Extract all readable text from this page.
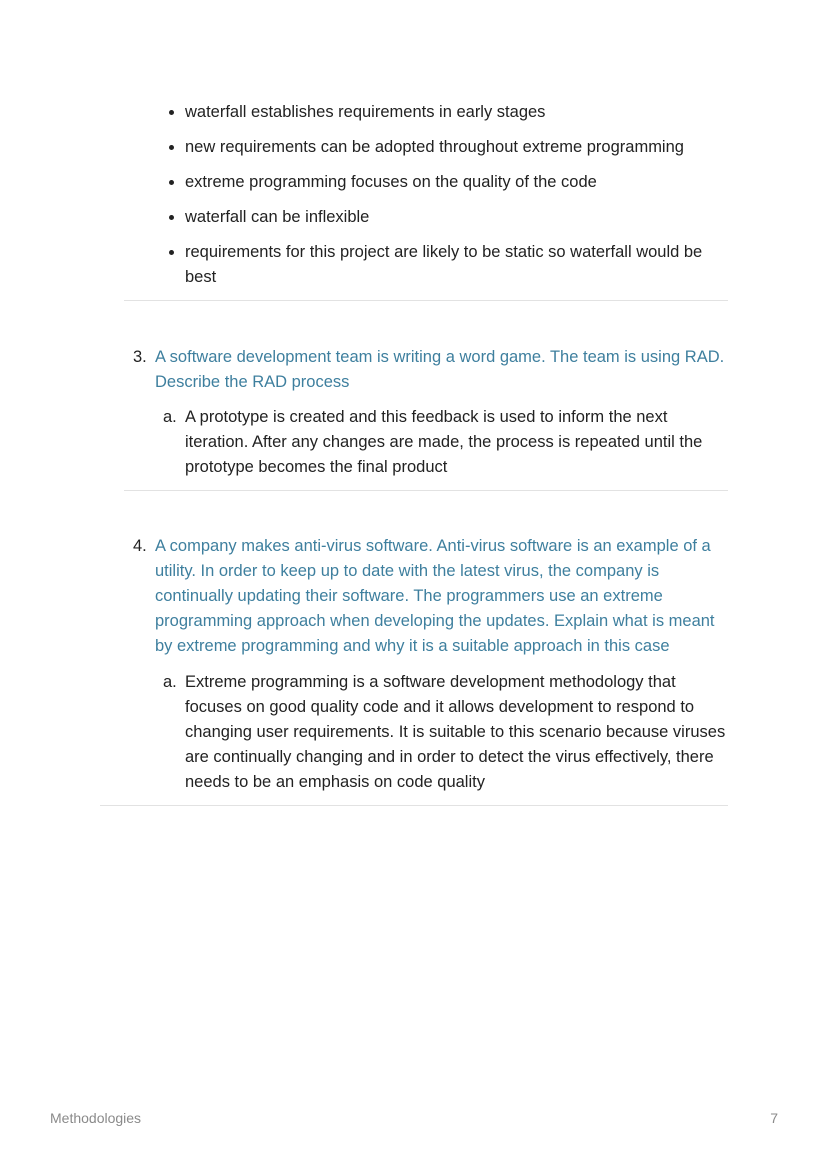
waterfall establishes requirements in early stages
new requirements can be adopted throughout extreme programming
extreme programming focuses on the quality of the code
waterfall can be inflexible
requirements for this project are likely to be static so waterfall would be best
3. A software development team is writing a word game. The team is using RAD. Describe the RAD process
a. A prototype is created and this feedback is used to inform the next iteration. After any changes are made, the process is repeated until the prototype becomes the final product
4. A company makes anti-virus software. Anti-virus software is an example of a utility. In order to keep up to date with the latest virus, the company is continually updating their software. The programmers use an extreme programming approach when developing the updates. Explain what is meant by extreme programming and why it is a suitable approach in this case
a. Extreme programming is a software development methodology that focuses on good quality code and it allows development to respond to changing user requirements. It is suitable to this scenario because viruses are continually changing and in order to detect the virus effectively, there needs to be an emphasis on code quality
Methodologies	7
